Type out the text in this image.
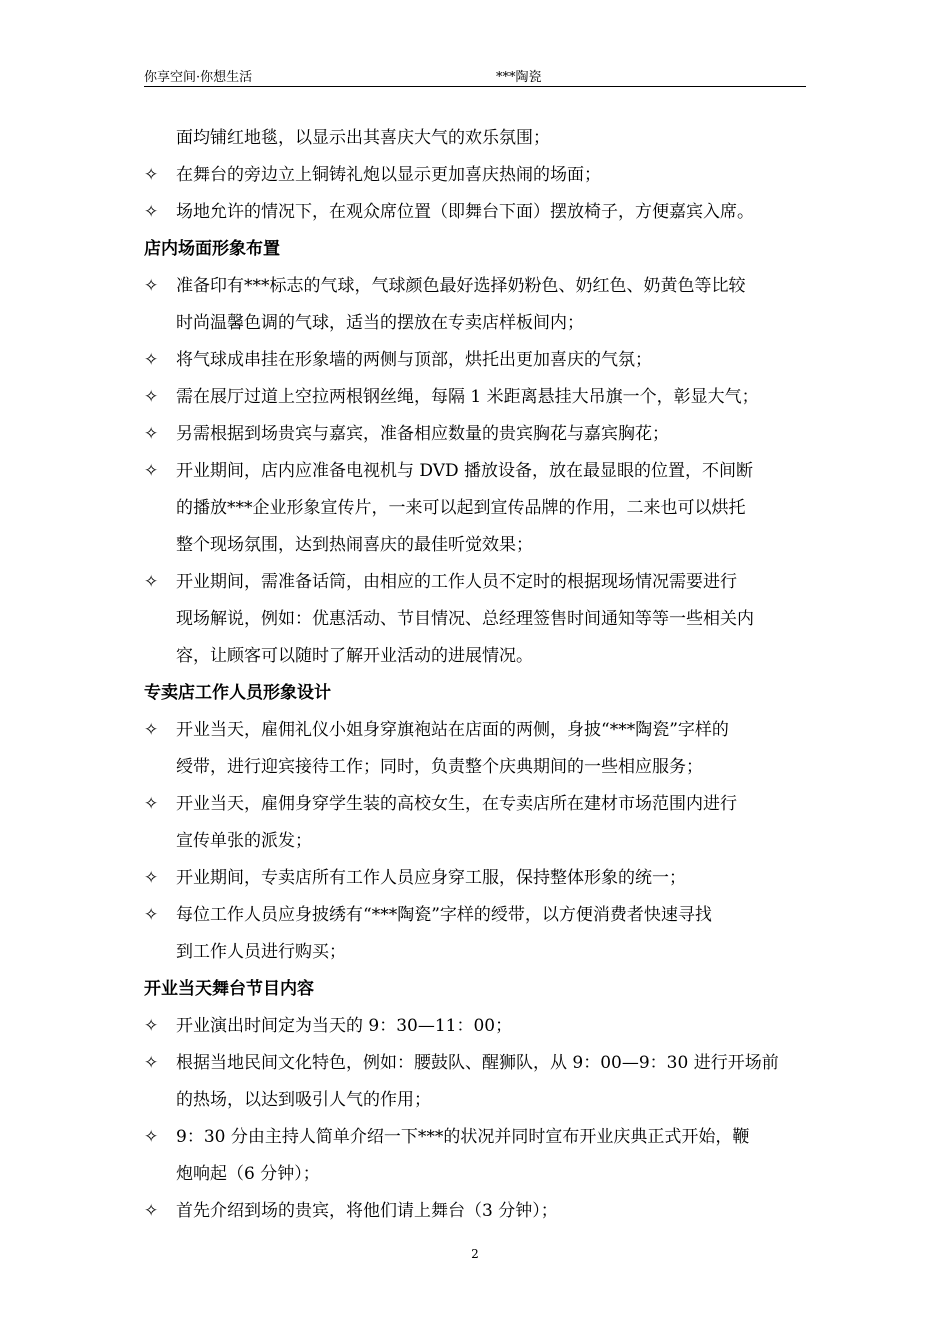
你享空间·你想生活	***陶瓷
面均铺红地毯，以显示出其喜庆大气的欢乐氛围；
✧ 在舞台的旁边立上铜铸礼炮以显示更加喜庆热闹的场面；
✧ 场地允许的情况下，在观众席位置（即舞台下面）摆放椅子，方便嘉宾入席。
店内场面形象布置
✧ 准备印有***标志的气球，气球颜色最好选择奶粉色、奶红色、奶黄色等比较
时尚温馨色调的气球，适当的摆放在专卖店样板间内；
✧ 将气球成串挂在形象墙的两侧与顶部，烘托出更加喜庆的气氛；
✧ 需在展厅过道上空拉两根钢丝绳，每隔 1 米距离悬挂大吊旗一个，彰显大气；
✧ 另需根据到场贵宾与嘉宾，准备相应数量的贵宾胸花与嘉宾胸花；
✧ 开业期间，店内应准备电视机与 DVD 播放设备，放在最显眼的位置，不间断
的播放***企业形象宣传片，一来可以起到宣传品牌的作用，二来也可以烘托
整个现场氛围，达到热闹喜庆的最佳听觉效果；
✧ 开业期间，需准备话筒，由相应的工作人员不定时的根据现场情况需要进行
现场解说，例如：优惠活动、节目情况、总经理签售时间通知等等一些相关内
容，让顾客可以随时了解开业活动的进展情况。
专卖店工作人员形象设计
✧ 开业当天，雇佣礼仪小姐身穿旗袍站在店面的两侧，身披“***陶瓷”字样的
绶带，进行迎宾接待工作；同时，负责整个庆典期间的一些相应服务；
✧ 开业当天，雇佣身穿学生装的高校女生，在专卖店所在建材市场范围内进行
宣传单张的派发；
✧ 开业期间，专卖店所有工作人员应身穿工服，保持整体形象的统一；
✧ 每位工作人员应身披绣有“***陶瓷”字样的绶带，以方便消费者快速寻找
到工作人员进行购买；
开业当天舞台节目内容
✧ 开业演出时间定为当天的 9：30—11：00；
✧ 根据当地民间文化特色，例如：腰鼓队、醒狮队，从 9：00—9：30 进行开场前
的热场，以达到吸引人气的作用；
✧ 9：30 分由主持人简单介绍一下***的状况并同时宣布开业庆典正式开始，鞭
炮响起（6 分钟）；
✧ 首先介绍到场的贵宾，将他们请上舞台（3 分钟）；
2
